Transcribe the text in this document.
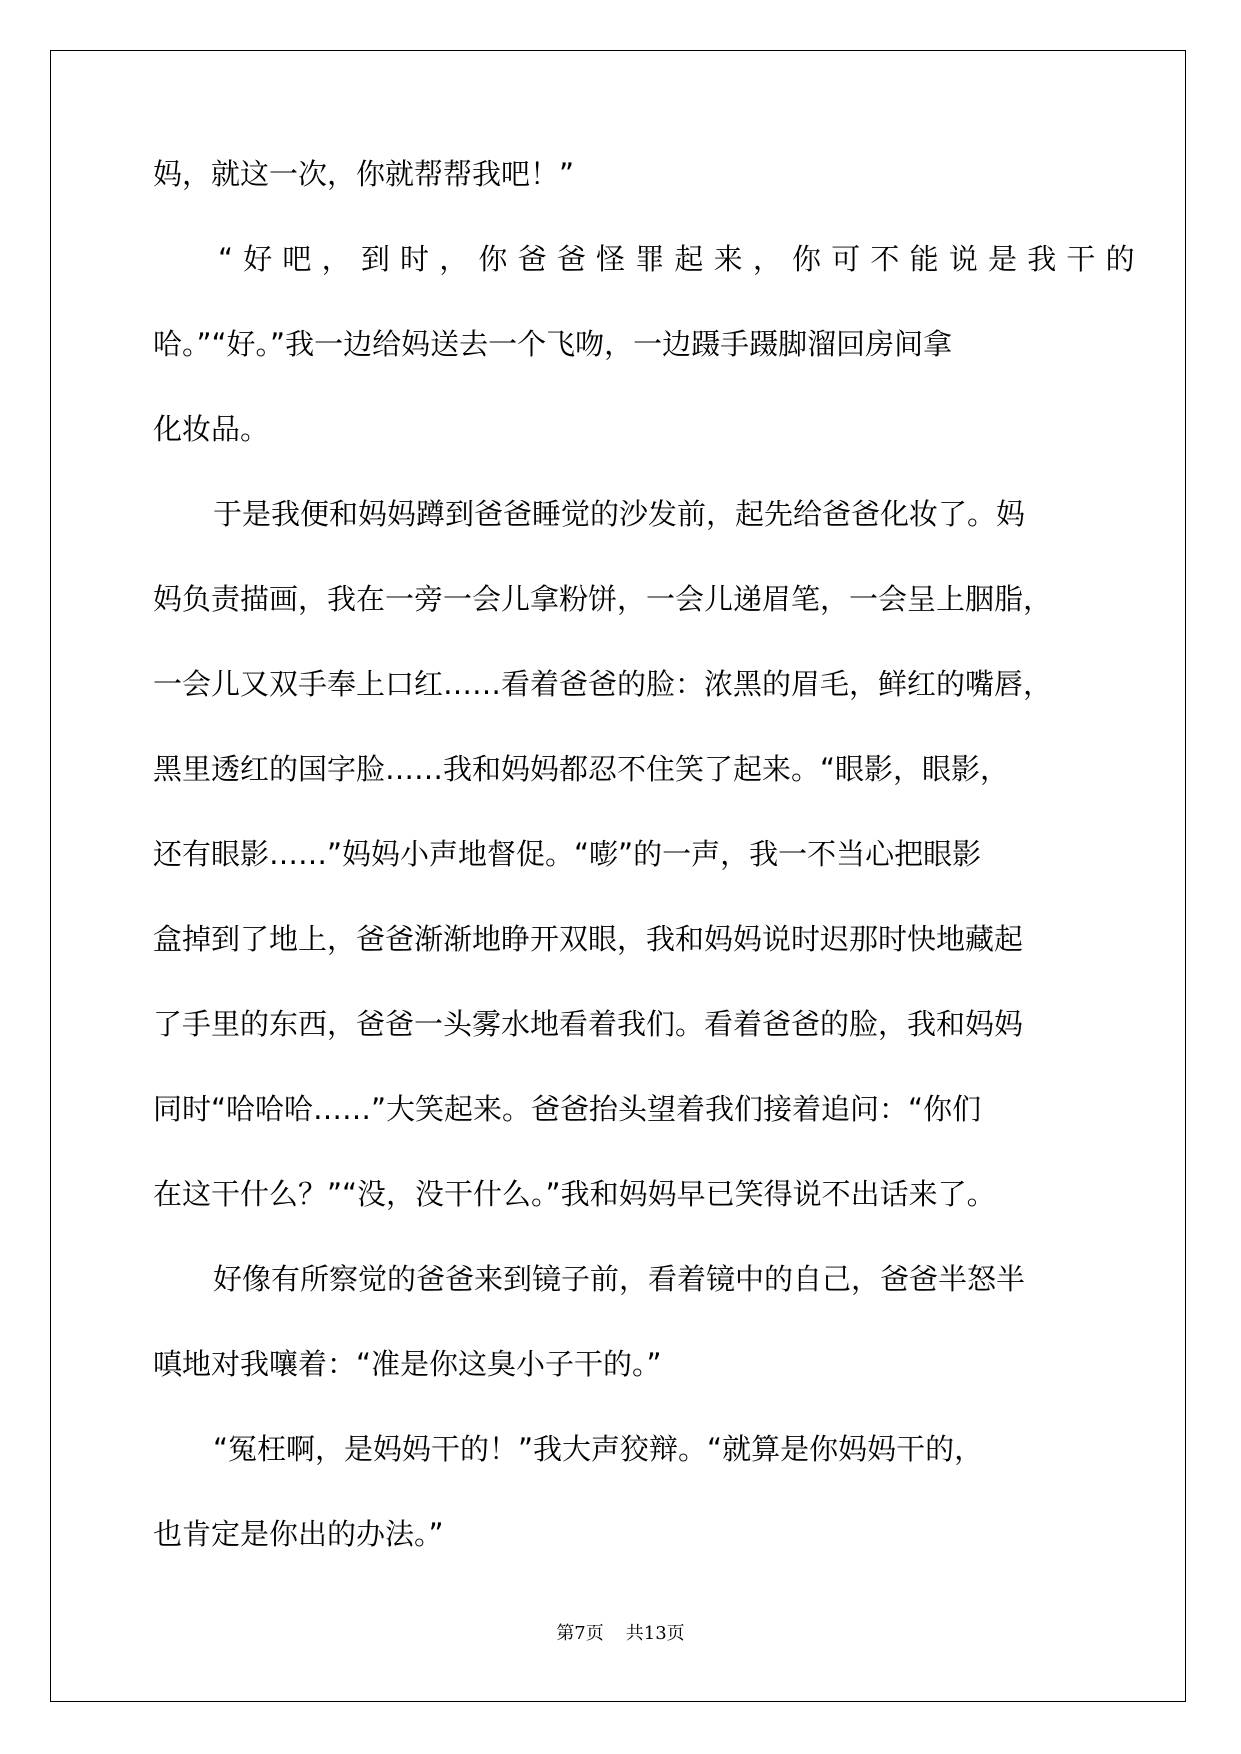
妈，就这一次，你就帮帮我吧！”
“好吧，到时，你爸爸怪罪起来，你可不能说是我干的
哈。”“好。”我一边给妈送去一个飞吻，一边蹑手蹑脚溜回房间拿
化妆品。
于是我便和妈妈蹲到爸爸睡觉的沙发前，起先给爸爸化妆了。妈
妈负责描画，我在一旁一会儿拿粉饼，一会儿递眉笔，一会呈上胭脂，
一会儿又双手奉上口红……看着爸爸的脸：浓黑的眉毛，鲜红的嘴唇，
黑里透红的国字脸……我和妈妈都忍不住笑了起来。“眼影，眼影，
还有眼影……”妈妈小声地督促。“嘭”的一声，我一不当心把眼影
盒掉到了地上，爸爸渐渐地睁开双眼，我和妈妈说时迟那时快地藏起
了手里的东西，爸爸一头雾水地看着我们。看着爸爸的脸，我和妈妈
同时“哈哈哈……”大笑起来。爸爸抬头望着我们接着追问：“你们
在这干什么？”“没，没干什么。”我和妈妈早已笑得说不出话来了。
好像有所察觉的爸爸来到镜子前，看着镜中的自己，爸爸半怒半
嗔地对我嚷着：“准是你这臭小子干的。”
“冤枉啊，是妈妈干的！”我大声狡辩。“就算是你妈妈干的，
也肯定是你出的办法。”
第7页 共13页
